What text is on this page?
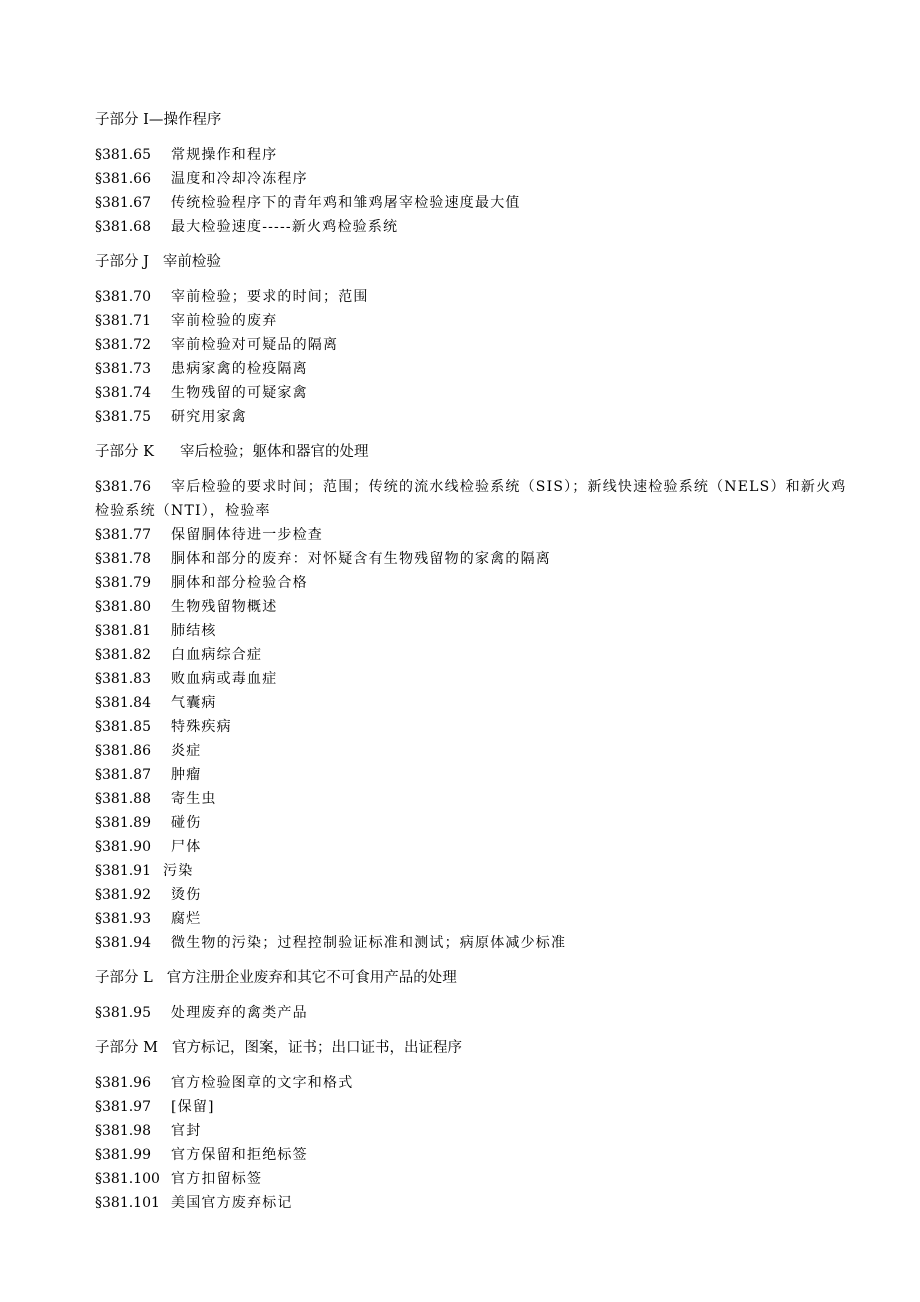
子部分 I—操作程序
§381.65 常规操作和程序
§381.66 温度和冷却冷冻程序
§381.67 传统检验程序下的青年鸡和雏鸡屠宰检验速度最大值
§381.68 最大检验速度-----新火鸡检验系统
子部分 J 宰前检验
§381.70 宰前检验；要求的时间；范围
§381.71 宰前检验的废弃
§381.72 宰前检验对可疑品的隔离
§381.73 患病家禽的检疫隔离
§381.74 生物残留的可疑家禽
§381.75 研究用家禽
子部分 K 宰后检验；躯体和器官的处理
§381.76 宰后检验的要求时间；范围；传统的流水线检验系统（SIS）；新线快速检验系统（NELS）和新火鸡检验系统（NTI），检验率
§381.77 保留胴体待进一步检查
§381.78 胴体和部分的废弃：对怀疑含有生物残留物的家禽的隔离
§381.79 胴体和部分检验合格
§381.80 生物残留物概述
§381.81 肺结核
§381.82 白血病综合症
§381.83 败血病或毒血症
§381.84 气囊病
§381.85 特殊疾病
§381.86 炎症
§381.87 肿瘤
§381.88 寄生虫
§381.89 碰伤
§381.90 尸体
§381.91 污染
§381.92 烫伤
§381.93 腐烂
§381.94 微生物的污染；过程控制验证标准和测试；病原体减少标准
子部分 L 官方注册企业废弃和其它不可食用产品的处理
§381.95 处理废弃的禽类产品
子部分 M 官方标记，图案，证书；出口证书，出证程序
§381.96 官方检验图章的文字和格式
§381.97 [保留]
§381.98 官封
§381.99 官方保留和拒绝标签
§381.100 官方扣留标签
§381.101 美国官方废弃标记
